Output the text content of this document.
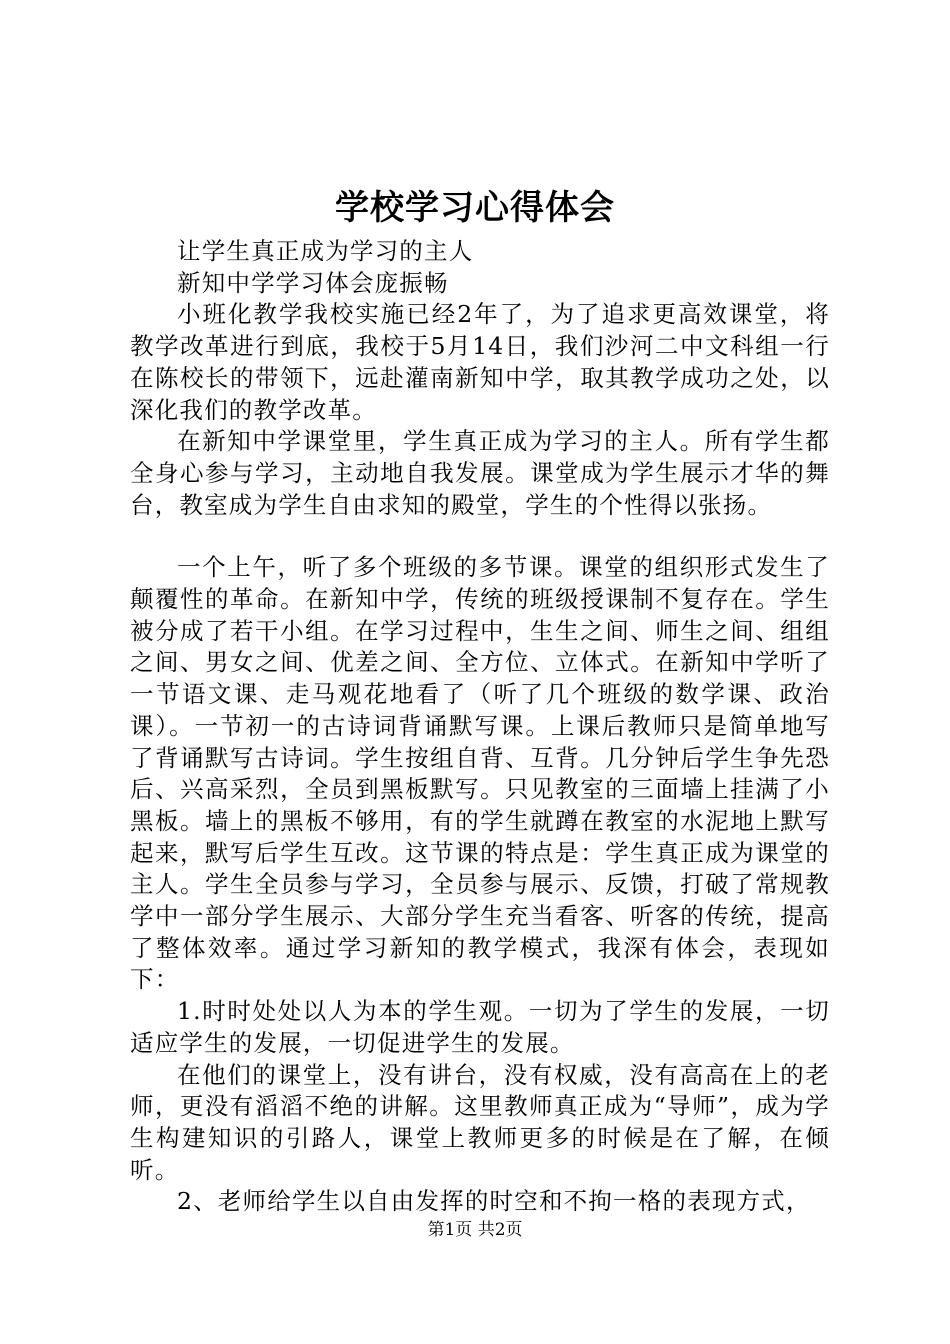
学校学习心得体会

让学生真正成为学习的主人

新知中学学习体会庞振畅

小班化教学我校实施已经2年了，为了追求更高效课堂，将教学改革进行到底，我校于5月14日，我们沙河二中文科组一行在陈校长的带领下，远赴灌南新知中学，取其教学成功之处，以深化我们的教学改革。

在新知中学课堂里，学生真正成为学习的主人。所有学生都全身心参与学习，主动地自我发展。课堂成为学生展示才华的舞台，教室成为学生自由求知的殿堂，学生的个性得以张扬。

一个上午，听了多个班级的多节课。课堂的组织形式发生了颠覆性的革命。在新知中学，传统的班级授课制不复存在。学生被分成了若干小组。在学习过程中，生生之间、师生之间、组组之间、男女之间、优差之间、全方位、立体式。在新知中学听了一节语文课、走马观花地看了（听了几个班级的数学课、政治课）。一节初一的古诗词背诵默写课。上课后教师只是简单地写了背诵默写古诗词。学生按组自背、互背。几分钟后学生争先恐后、兴高采烈，全员到黑板默写。只见教室的三面墙上挂满了小黑板。墙上的黑板不够用，有的学生就蹲在教室的水泥地上默写起来，默写后学生互改。这节课的特点是：学生真正成为课堂的主人。学生全员参与学习，全员参与展示、反馈，打破了常规教学中一部分学生展示、大部分学生充当看客、听客的传统，提高了整体效率。通过学习新知的教学模式，我深有体会，表现如下：

1.时时处处以人为本的学生观。一切为了学生的发展，一切适应学生的发展，一切促进学生的发展。

在他们的课堂上，没有讲台，没有权威，没有高高在上的老师，更没有滔滔不绝的讲解。这里教师真正成为“导师”，成为学生构建知识的引路人，课堂上教师更多的时候是在了解，在倾听。

2、老师给学生以自由发挥的时空和不拘一格的表现方式，

第1页 共2页
